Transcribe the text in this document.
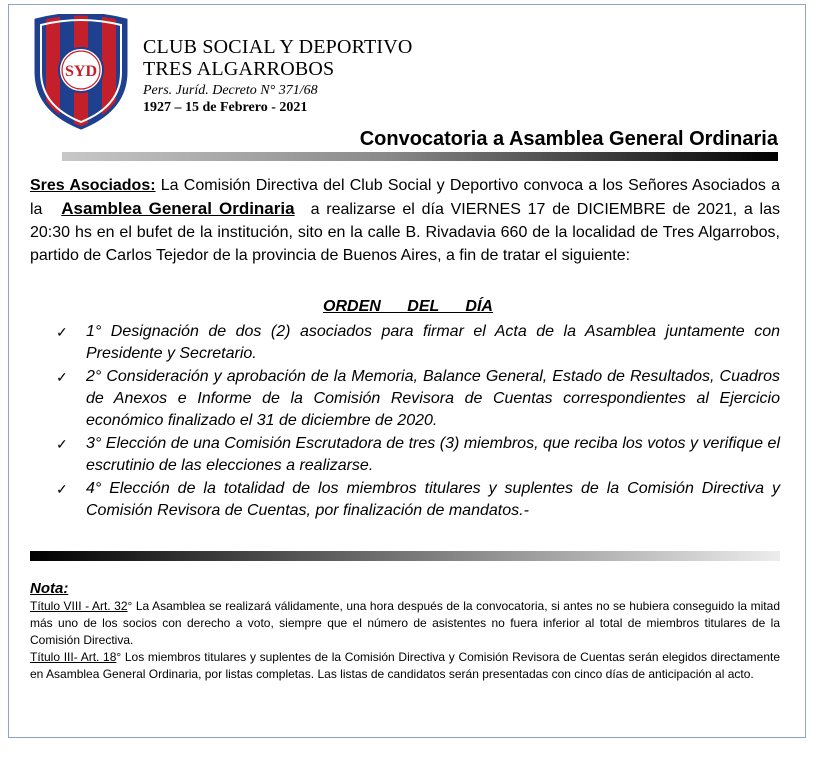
SYD
CLUB SOCIAL Y DEPORTIVO
TRES ALGARROBOS
Pers. Juríd. Decreto N° 371/68
1927 – 15 de Febrero - 2021
Convocatoria a Asamblea General Ordinaria
Sres Asociados: La Comisión Directiva del Club Social y Deportivo convoca a los Señores Asociados a la Asamblea General Ordinaria a realizarse el día VIERNES 17 de DICIEMBRE de 2021, a las 20:30 hs en el bufet de la institución, sito en la calle B. Rivadavia 660 de la localidad de Tres Algarrobos, partido de Carlos Tejedor de la provincia de Buenos Aires, a fin de tratar el siguiente:
ORDEN DEL DÍA
✓ 1° Designación de dos (2) asociados para firmar el Acta de la Asamblea juntamente con Presidente y Secretario.
✓ 2° Consideración y aprobación de la Memoria, Balance General, Estado de Resultados, Cuadros de Anexos e Informe de la Comisión Revisora de Cuentas correspondientes al Ejercicio económico finalizado el 31 de diciembre de 2020.
✓ 3° Elección de una Comisión Escrutadora de tres (3) miembros, que reciba los votos y verifique el escrutinio de las elecciones a realizarse.
✓ 4° Elección de la totalidad de los miembros titulares y suplentes de la Comisión Directiva y Comisión Revisora de Cuentas, por finalización de mandatos.-
Nota:

Título VIII - Art. 32° La Asamblea se realizará válidamente, una hora después de la convocatoria, si antes no se hubiera conseguido la mitad más uno de los socios con derecho a voto, siempre que el número de asistentes no fuera inferior al total de miembros titulares de la Comisión Directiva.

Título III- Art. 18° Los miembros titulares y suplentes de la Comisión Directiva y Comisión Revisora de Cuentas serán elegidos directamente en Asamblea General Ordinaria, por listas completas. Las listas de candidatos serán presentadas con cinco días de anticipación al acto.
